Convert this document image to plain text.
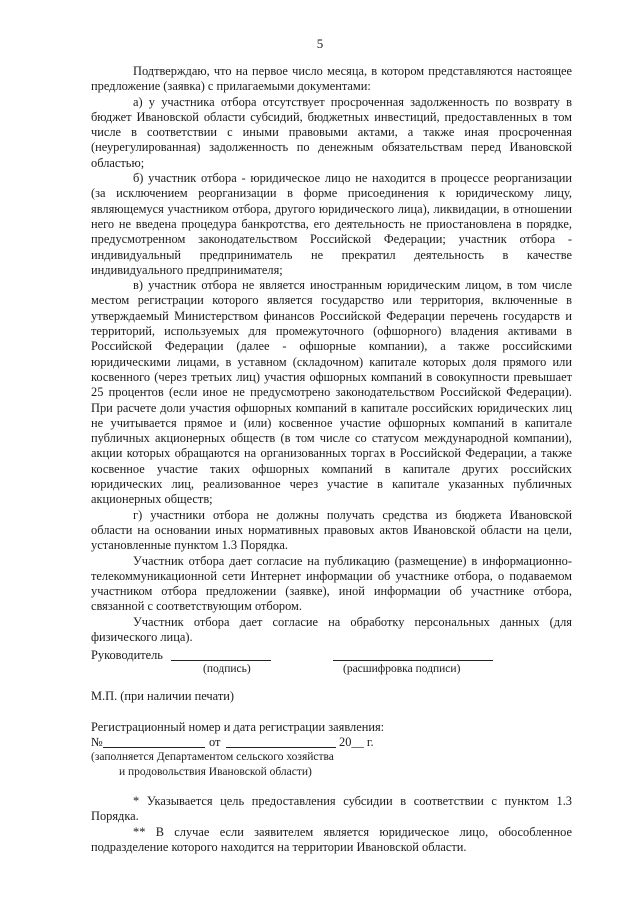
5

Подтверждаю, что на первое число месяца, в котором представляются настоящее предложение (заявка) с прилагаемыми документами:

а) у участника отбора отсутствует просроченная задолженность по возврату в бюджет Ивановской области субсидий, бюджетных инвестиций, предоставленных в том числе в соответствии с иными правовыми актами, а также иная просроченная (неурегулированная) задолженность по денежным обязательствам перед Ивановской областью;

б) участник отбора - юридическое лицо не находится в процессе реорганизации (за исключением реорганизации в форме присоединения к юридическому лицу, являющемуся участником отбора, другого юридического лица), ликвидации, в отношении него не введена процедура банкротства, его деятельность не приостановлена в порядке, предусмотренном законодательством Российской Федерации; участник отбора - индивидуальный предприниматель не прекратил деятельность в качестве индивидуального предпринимателя;

в) участник отбора не является иностранным юридическим лицом, в том числе местом регистрации которого является государство или территория, включенные в утверждаемый Министерством финансов Российской Федерации перечень государств и территорий, используемых для промежуточного (офшорного) владения активами в Российской Федерации (далее - офшорные компании), а также российскими юридическими лицами, в уставном (складочном) капитале которых доля прямого или косвенного (через третьих лиц) участия офшорных компаний в совокупности превышает 25 процентов (если иное не предусмотрено законодательством Российской Федерации). При расчете доли участия офшорных компаний в капитале российских юридических лиц не учитывается прямое и (или) косвенное участие офшорных компаний в капитале публичных акционерных обществ (в том числе со статусом международной компании), акции которых обращаются на организованных торгах в Российской Федерации, а также косвенное участие таких офшорных компаний в капитале других российских юридических лиц, реализованное через участие в капитале указанных публичных акционерных обществ;

г) участники отбора не должны получать средства из бюджета Ивановской области на основании иных нормативных правовых актов Ивановской области на цели, установленные пунктом 1.3 Порядка.

Участник отбора дает согласие на публикацию (размещение) в информационно-телекоммуникационной сети Интернет информации об участнике отбора, о подаваемом участником отбора предложении (заявке), иной информации об участнике отбора, связанной с соответствующим отбором.

Участник отбора дает согласие на обработку персональных данных (для физического лица).

Руководитель
(подпись)	(расшифровка подписи)
М.П. (при наличии печати)
Регистрационный номер и дата регистрации заявления:
№	от	20__ г.
(заполняется Департаментом сельского хозяйства
и продовольствия Ивановской области)

* Указывается цель предоставления субсидии в соответствии с пунктом 1.3 Порядка.

** В случае если заявителем является юридическое лицо, обособленное подразделение которого находится на территории Ивановской области.
